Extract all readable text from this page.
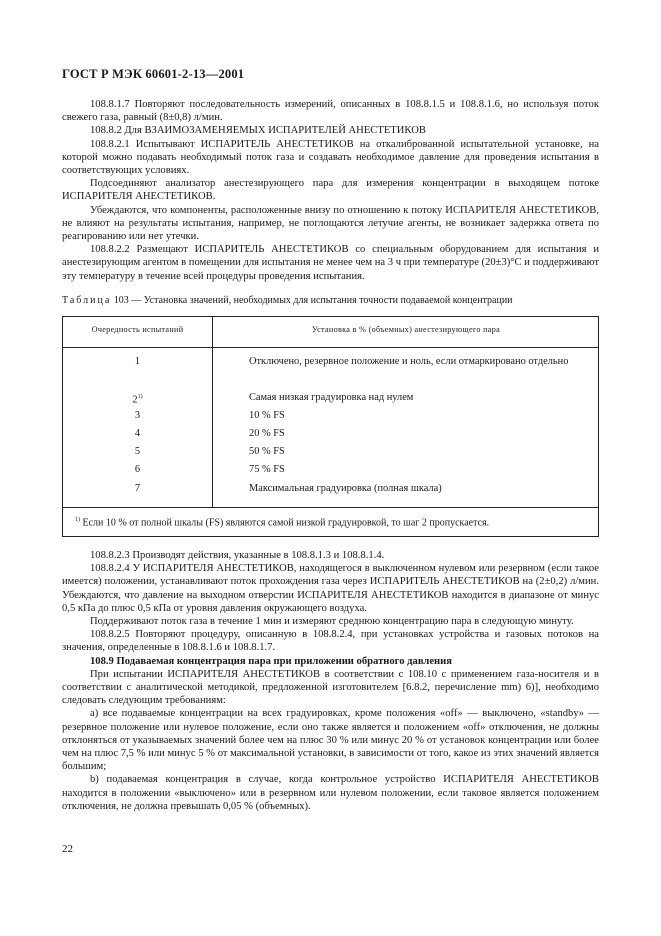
ГОСТ Р МЭК 60601-2-13—2001

108.8.1.7 Повторяют последовательность измерений, описанных в 108.8.1.5 и 108.8.1.6, но используя поток свежего газа, равный (8±0,8) л/мин.

108.8.2 Для ВЗАИМОЗАМЕНЯЕМЫХ ИСПАРИТЕЛЕЙ АНЕСТЕТИКОВ

108.8.2.1 Испытывают ИСПАРИТЕЛЬ АНЕСТЕТИКОВ на откалиброванной испытательной установке, на которой можно подавать необходимый поток газа и создавать необходимое давление для проведения испытания в соответствующих условиях.

Подсоединяют анализатор анестезирующего пара для измерения концентрации в выходящем потоке ИСПАРИТЕЛЯ АНЕСТЕТИКОВ.

Убеждаются, что компоненты, расположенные внизу по отношению к потоку ИСПАРИТЕЛЯ АНЕСТЕТИКОВ, не влияют на результаты испытания, например, не поглощаются летучие агенты, не возникает задержка ответа по реагированию или нет утечки.

108.8.2.2 Размещают ИСПАРИТЕЛЬ АНЕСТЕТИКОВ со специальным оборудованием для испытания и анестезирующим агентом в помещении для испытания не менее чем на 3 ч при температуре (20±3)°С и поддерживают эту температуру в течение всей процедуры проведения испытания.

Таблица 103 — Установка значений, необходимых для испытания точности подаваемой концентрации
Очередность испытаний	Установка в % (объемных) анестезирующего пара
1	Отключено, резервное положение и ноль, если отмаркировано отдельно
2$^{1)}$	Самая низкая градуировка над нулем
3	10 % FS
4	20 % FS
5	50 % FS
6	75 % FS
7	Максимальная градуировка (полная шкала)
$^{1)}$ Если 10 % от полной шкалы (FS) являются самой низкой градуировкой, то шаг 2 пропускается.

108.8.2.3 Производят действия, указанные в 108.8.1.3 и 108.8.1.4.

108.8.2.4 У ИСПАРИТЕЛЯ АНЕСТЕТИКОВ, находящегося в выключенном нулевом или резервном (если такое имеется) положении, устанавливают поток прохождения газа через ИСПАРИТЕЛЬ АНЕСТЕТИКОВ на (2±0,2) л/мин. Убеждаются, что давление на выходном отверстии ИСПАРИТЕЛЯ АНЕСТЕТИКОВ находится в диапазоне от минус 0,5 кПа до плюс 0,5 кПа от уровня давления окружающего воздуха.

Поддерживают поток газа в течение 1 мин и измеряют среднюю концентрацию пара в следующую минуту.

108.8.2.5 Повторяют процедуру, описанную в 108.8.2.4, при установках устройства и газовых потоков на значения, определенные в 108.8.1.6 и 108.8.1.7.

108.9 Подаваемая концентрация пара при приложении обратного давления

При испытании ИСПАРИТЕЛЯ АНЕСТЕТИКОВ в соответствии с 108.10 с применением газа-носителя и в соответствии с аналитической методикой, предложенной изготовителем [6.8.2, перечисление mm) 6)], необходимо следовать следующим требованиям:

а) все подаваемые концентрации на всех градуировках, кроме положения «off» — выключено, «standby» — резервное положение или нулевое положение, если оно также является и положением «off» отключения, не должны отклоняться от указываемых значений более чем на плюс 30 % или минус 20 % от установок концентрации или более чем на плюс 7,5 % или минус 5 % от максимальной установки, в зависимости от того, какое из этих значений является большим;

b) подаваемая концентрация в случае, когда контрольное устройство ИСПАРИТЕЛЯ АНЕСТЕТИКОВ находится в положении «выключено» или в резервном или нулевом положении, если таковое является положением отключения, не должна превышать 0,05 % (объемных).

22
